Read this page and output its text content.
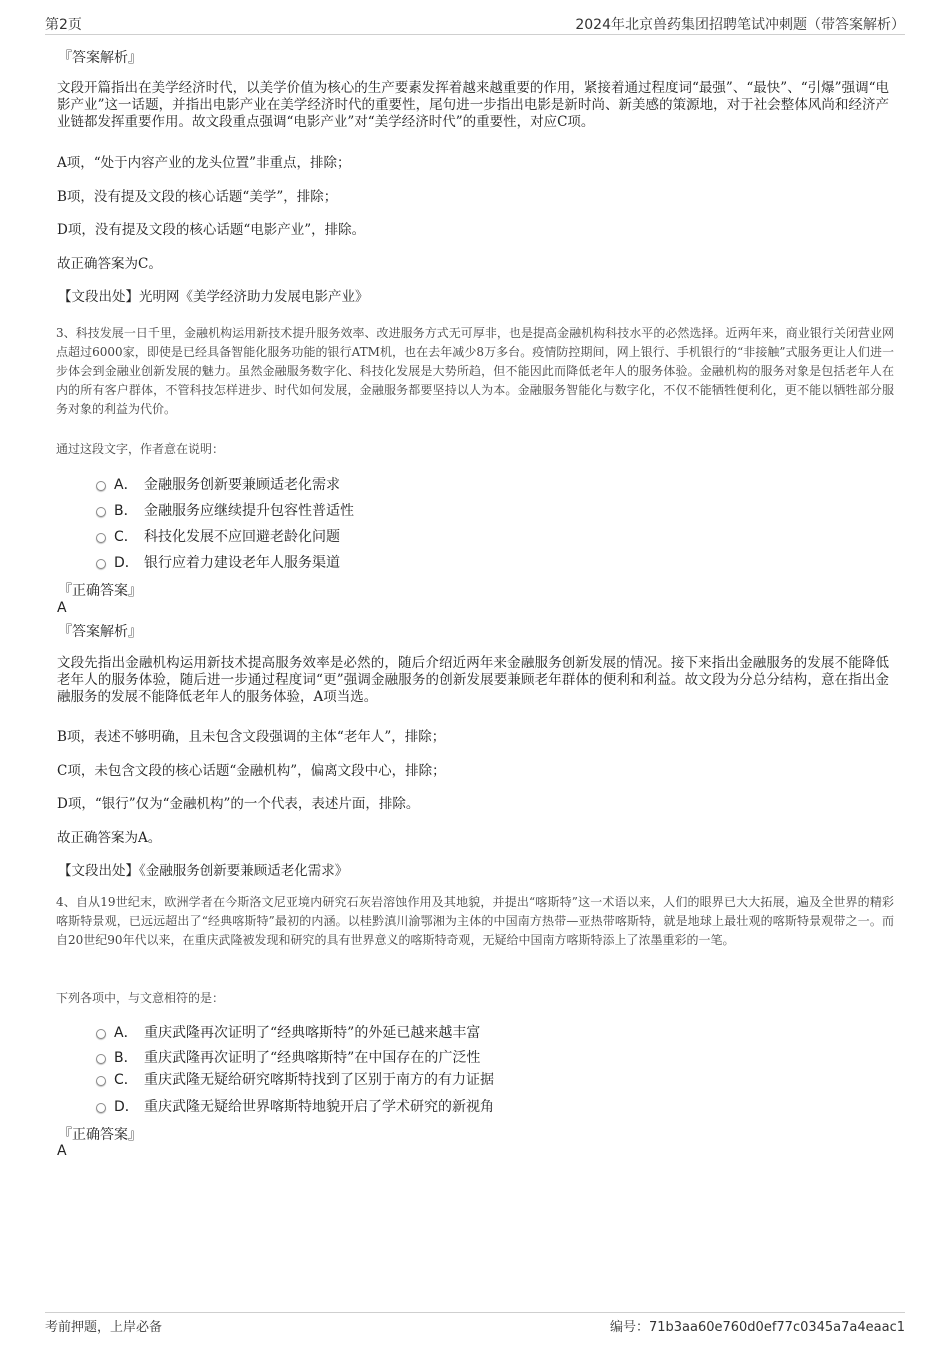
第2页	2024年北京兽药集团招聘笔试冲刺题（带答案解析）
『答案解析』
文段开篇指出在美学经济时代，以美学价值为核心的生产要素发挥着越来越重要的作用，紧接着通过程度词“最强”、“最快”、“引爆”强调“电影产业”这一话题，并指出电影产业在美学经济时代的重要性，尾句进一步指出电影是新时尚、新美感的策源地，对于社会整体风尚和经济产业链都发挥重要作用。故文段重点强调“电影产业”对“美学经济时代”的重要性，对应C项。
A项，“处于内容产业的龙头位置”非重点，排除；
B项，没有提及文段的核心话题“美学”，排除；
D项，没有提及文段的核心话题“电影产业”，排除。
故正确答案为C。
【文段出处】光明网《美学经济助力发展电影产业》
3、科技发展一日千里，金融机构运用新技术提升服务效率、改进服务方式无可厚非，也是提高金融机构科技水平的必然选择。近两年来，商业银行关闭营业网点超过6000家，即使是已经具备智能化服务功能的银行ATM机，也在去年减少8万多台。疫情防控期间，网上银行、手机银行的“非接触”式服务更让人们进一步体会到金融业创新发展的魅力。虽然金融服务数字化、科技化发展是大势所趋，但不能因此而降低老年人的服务体验。金融机构的服务对象是包括老年人在内的所有客户群体，不管科技怎样进步、时代如何发展，金融服务都要坚持以人为本。金融服务智能化与数字化，不仅不能牺牲便利化，更不能以牺牲部分服务对象的利益为代价。
通过这段文字，作者意在说明：
A． 金融服务创新要兼顾适老化需求
B． 金融服务应继续提升包容性普适性
C． 科技化发展不应回避老龄化问题
D． 银行应着力建设老年人服务渠道
『正确答案』
A
『答案解析』
文段先指出金融机构运用新技术提高服务效率是必然的，随后介绍近两年来金融服务创新发展的情况。接下来指出金融服务的发展不能降低老年人的服务体验，随后进一步通过程度词“更”强调金融服务的创新发展要兼顾老年群体的便利和利益。故文段为分总分结构，意在指出金融服务的发展不能降低老年人的服务体验，A项当选。
B项，表述不够明确，且未包含文段强调的主体“老年人”，排除；
C项，未包含文段的核心话题“金融机构”，偏离文段中心，排除；
D项，“银行”仅为“金融机构”的一个代表，表述片面，排除。
故正确答案为A。
【文段出处】《金融服务创新要兼顾适老化需求》
4、自从19世纪末，欧洲学者在今斯洛文尼亚境内研究石灰岩溶蚀作用及其地貌，并提出“喀斯特”这一术语以来，人们的眼界已大大拓展，遍及全世界的精彩喀斯特景观，已远远超出了“经典喀斯特”最初的内涵。以桂黔滇川渝鄂湘为主体的中国南方热带—亚热带喀斯特，就是地球上最壮观的喀斯特景观带之一。而自20世纪90年代以来，在重庆武隆被发现和研究的具有世界意义的喀斯特奇观，无疑给中国南方喀斯特添上了浓墨重彩的一笔。
下列各项中，与文意相符的是：
A． 重庆武隆再次证明了“经典喀斯特”的外延已越来越丰富
B． 重庆武隆再次证明了“经典喀斯特”在中国存在的广泛性
C． 重庆武隆无疑给研究喀斯特找到了区别于南方的有力证据
D． 重庆武隆无疑给世界喀斯特地貌开启了学术研究的新视角
『正确答案』
A
考前押题，上岸必备	编号：71b3aa60e760d0ef77c0345a7a4eaac1
